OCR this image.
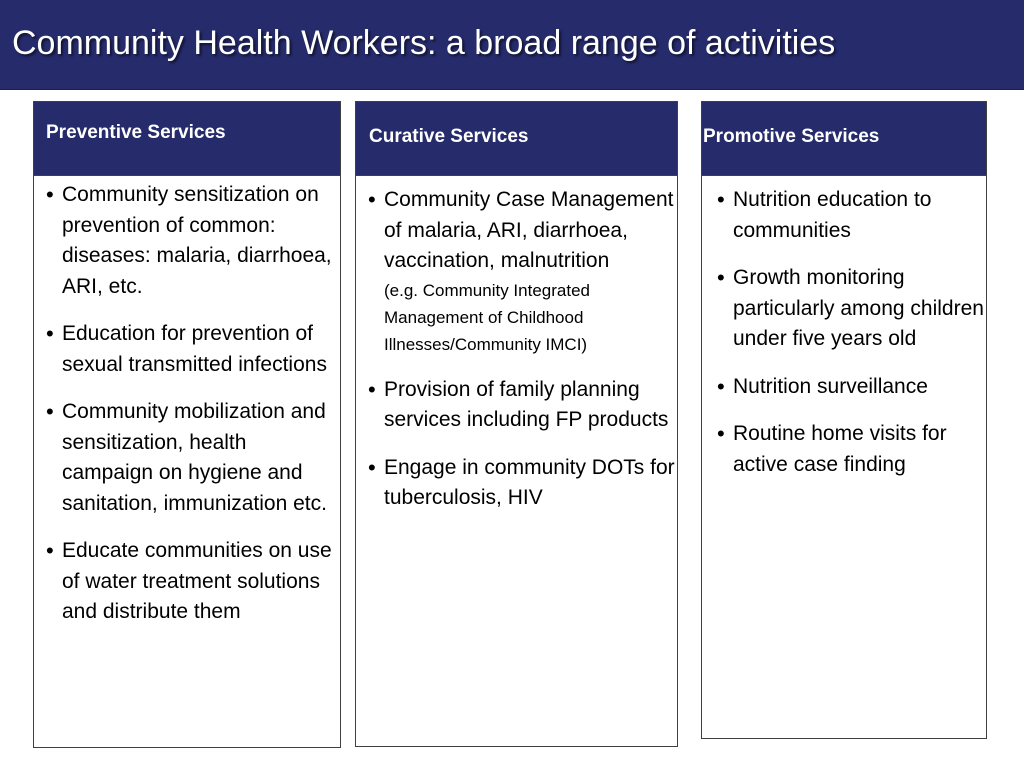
Community Health Workers: a broad range of activities
Preventive Services
• Community sensitization on prevention of common: diseases: malaria, diarrhoea, ARI, etc.
• Education for prevention of sexual transmitted infections
• Community mobilization and sensitization, health campaign on hygiene and sanitation, immunization etc.
• Educate communities on use of water treatment solutions and distribute them
Curative Services
• Community Case Management of malaria, ARI, diarrhoea, vaccination, malnutrition
(e.g. Community Integrated Management of Childhood Illnesses/Community IMCI)
• Provision of family planning services including FP products
• Engage in community DOTs for tuberculosis, HIV
Promotive Services
• Nutrition education to communities
• Growth monitoring particularly among children under five years old
• Nutrition surveillance
• Routine home visits for active case finding
